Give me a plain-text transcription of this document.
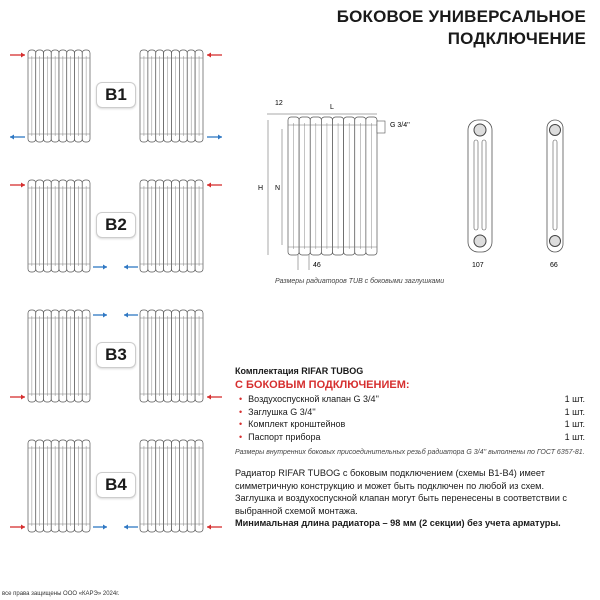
БОКОВОЕ УНИВЕРСАЛЬНОЕ
ПОДКЛЮЧЕНИЕ
B1
B2
B3
B4
L
12
H N
46
G 3/4''
107	66
Размеры радиаторов TUB с боковыми заглушками
Комплектация RIFAR TUBOG
С БОКОВЫМ ПОДКЛЮЧЕНИЕМ:
• Воздухоспускной клапан G 3/4''	1 шт.
• Заглушка G 3/4''	1 шт.
• Комплект кронштейнов	1 шт.
• Паспорт прибора	1 шт.
Размеры внутренних боковых присоединительных резьб радиатора G 3/4'' выполнены по ГОСТ 6357-81.

Радиатор RIFAR TUBOG с боковым подключением (схемы B1-B4) имеет симметричную конструкцию и может быть подключен по любой из схем.

Заглушка и воздухоспускной клапан могут быть перенесены в соответствии с выбранной схемой монтажа.

Минимальная длина радиатора – 98 мм (2 секции) без учета арматуры.

все права защищены ООО «КАРЭ» 2024г.
